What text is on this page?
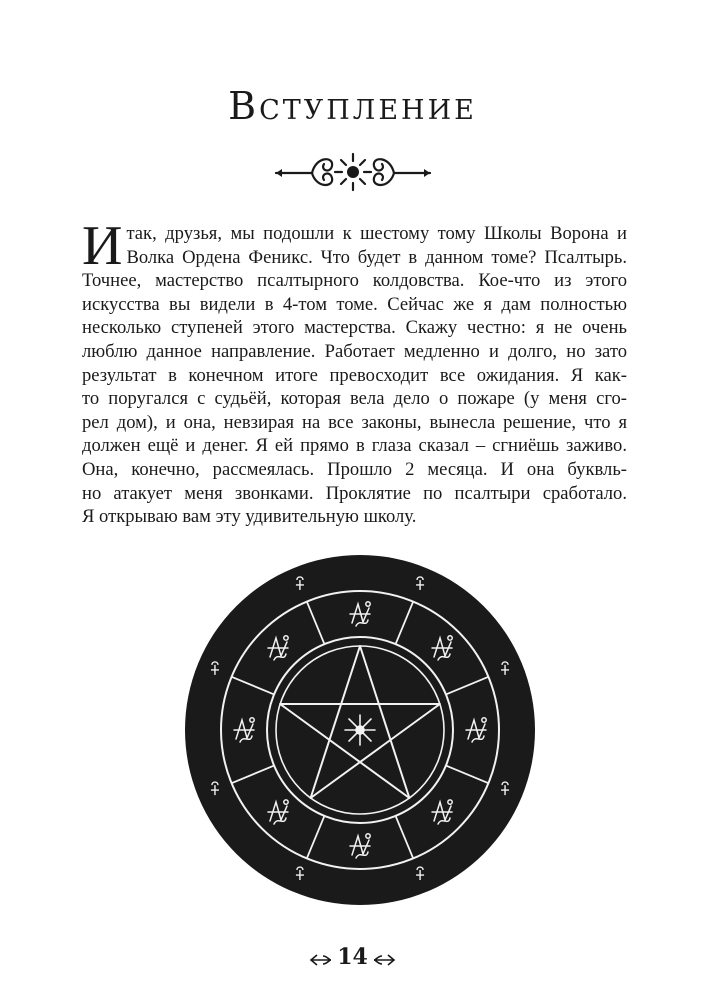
Вступление
И так, друзья, мы подошли к шестому тому Школы Ворона и
Волка Ордена Феникс. Что будет в данном томе? Псалтырь.
Точнее, мастерство псалтырного колдовства. Кое-что из этого
искусства вы видели в 4-том томе. Сейчас же я дам полностью
несколько ступеней этого мастерства. Скажу честно: я не очень
люблю данное направление. Работает медленно и долго, но зато
результат в конечном итоге превосходит все ожидания. Я как-
то поругался с судьёй, которая вела дело о пожаре (у меня сго-
рел дом), и она, невзирая на все законы, вынесла решение, что я
должен ещё и денег. Я ей прямо в глаза сказал – сгниёшь заживо.
Она, конечно, рассмеялась. Прошло 2 месяца. И она буквль-
но атакует меня звонками. Проклятие по псалтыри сработало.
Я открываю вам эту удивительную школу.
14
